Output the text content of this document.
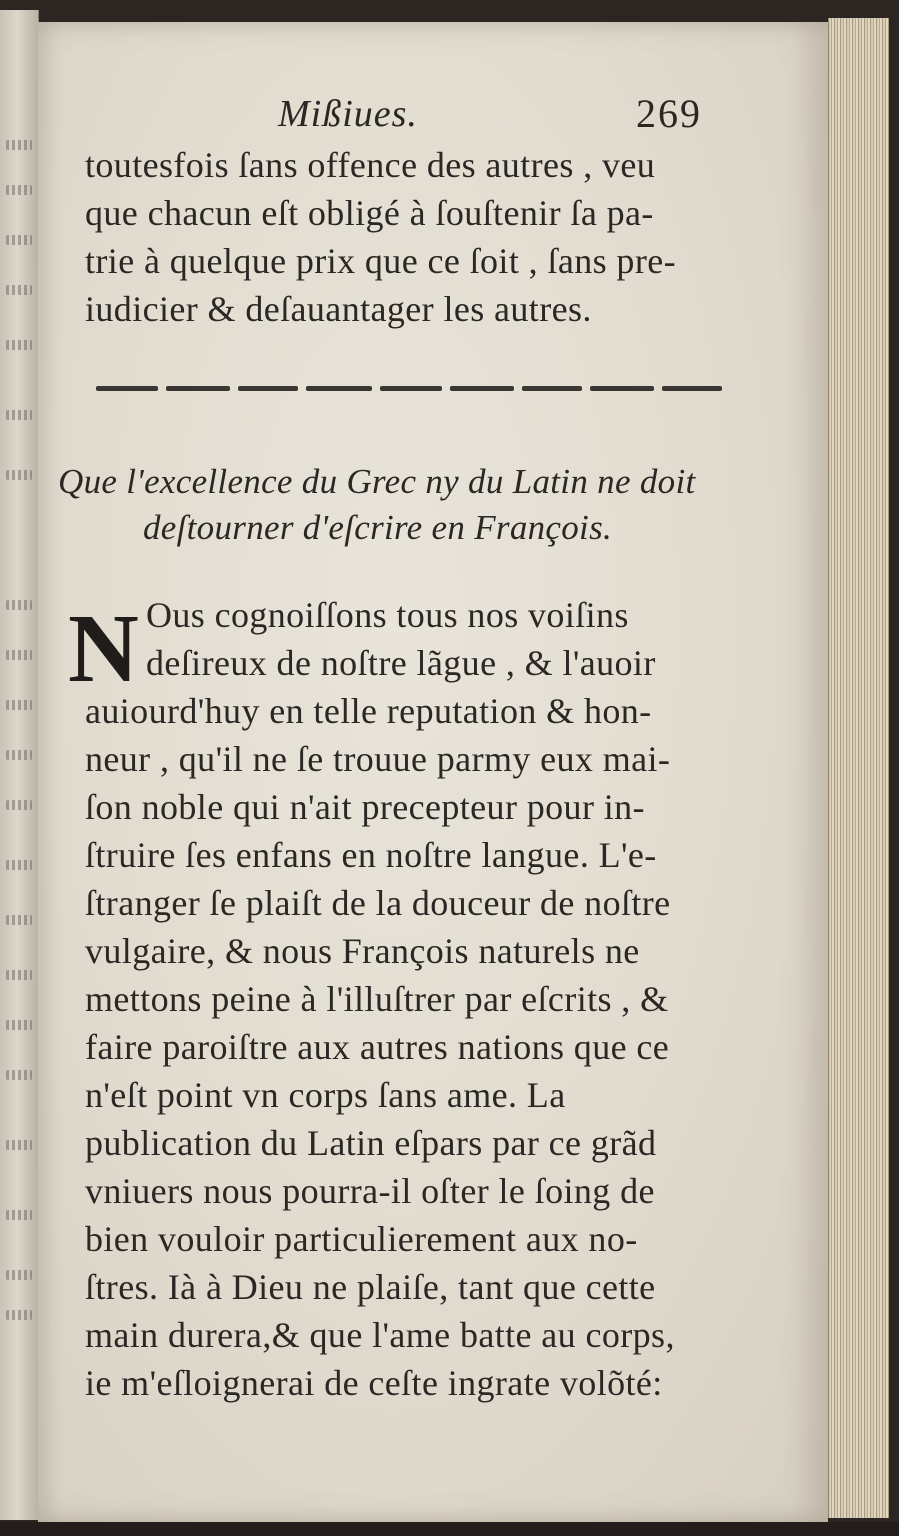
Mißiues.	269
toutesfois ſans offence des autres , veu
que chacun eſt obligé à ſouſtenir ſa pa-
trie à quelque prix que ce ſoit , ſans pre-
iudicier & deſauantager les autres.
Que l'excellence du Grec ny du Latin ne doit
deſtourner d'eſcrire en François.
N Ous cognoiſſons tous nos voiſins
deſireux de noſtre lãgue , & l'auoir
auiourd'huy en telle reputation & hon-
neur , qu'il ne ſe trouue parmy eux mai-
ſon noble qui n'ait precepteur pour in-
ſtruire ſes enfans en noſtre langue. L'e-
ſtranger ſe plaiſt de la douceur de noſtre
vulgaire, & nous François naturels ne
mettons peine à l'illuſtrer par eſcrits , &
faire paroiſtre aux autres nations que ce
n'eſt point vn corps ſans ame. La
publication du Latin eſpars par ce grãd
vniuers nous pourra-il oſter le ſoing de
bien vouloir particulierement aux no-
ſtres. Ià à Dieu ne plaiſe, tant que cette
main durera,& que l'ame batte au corps,
ie m'eſloignerai de ceſte ingrate volõté:
